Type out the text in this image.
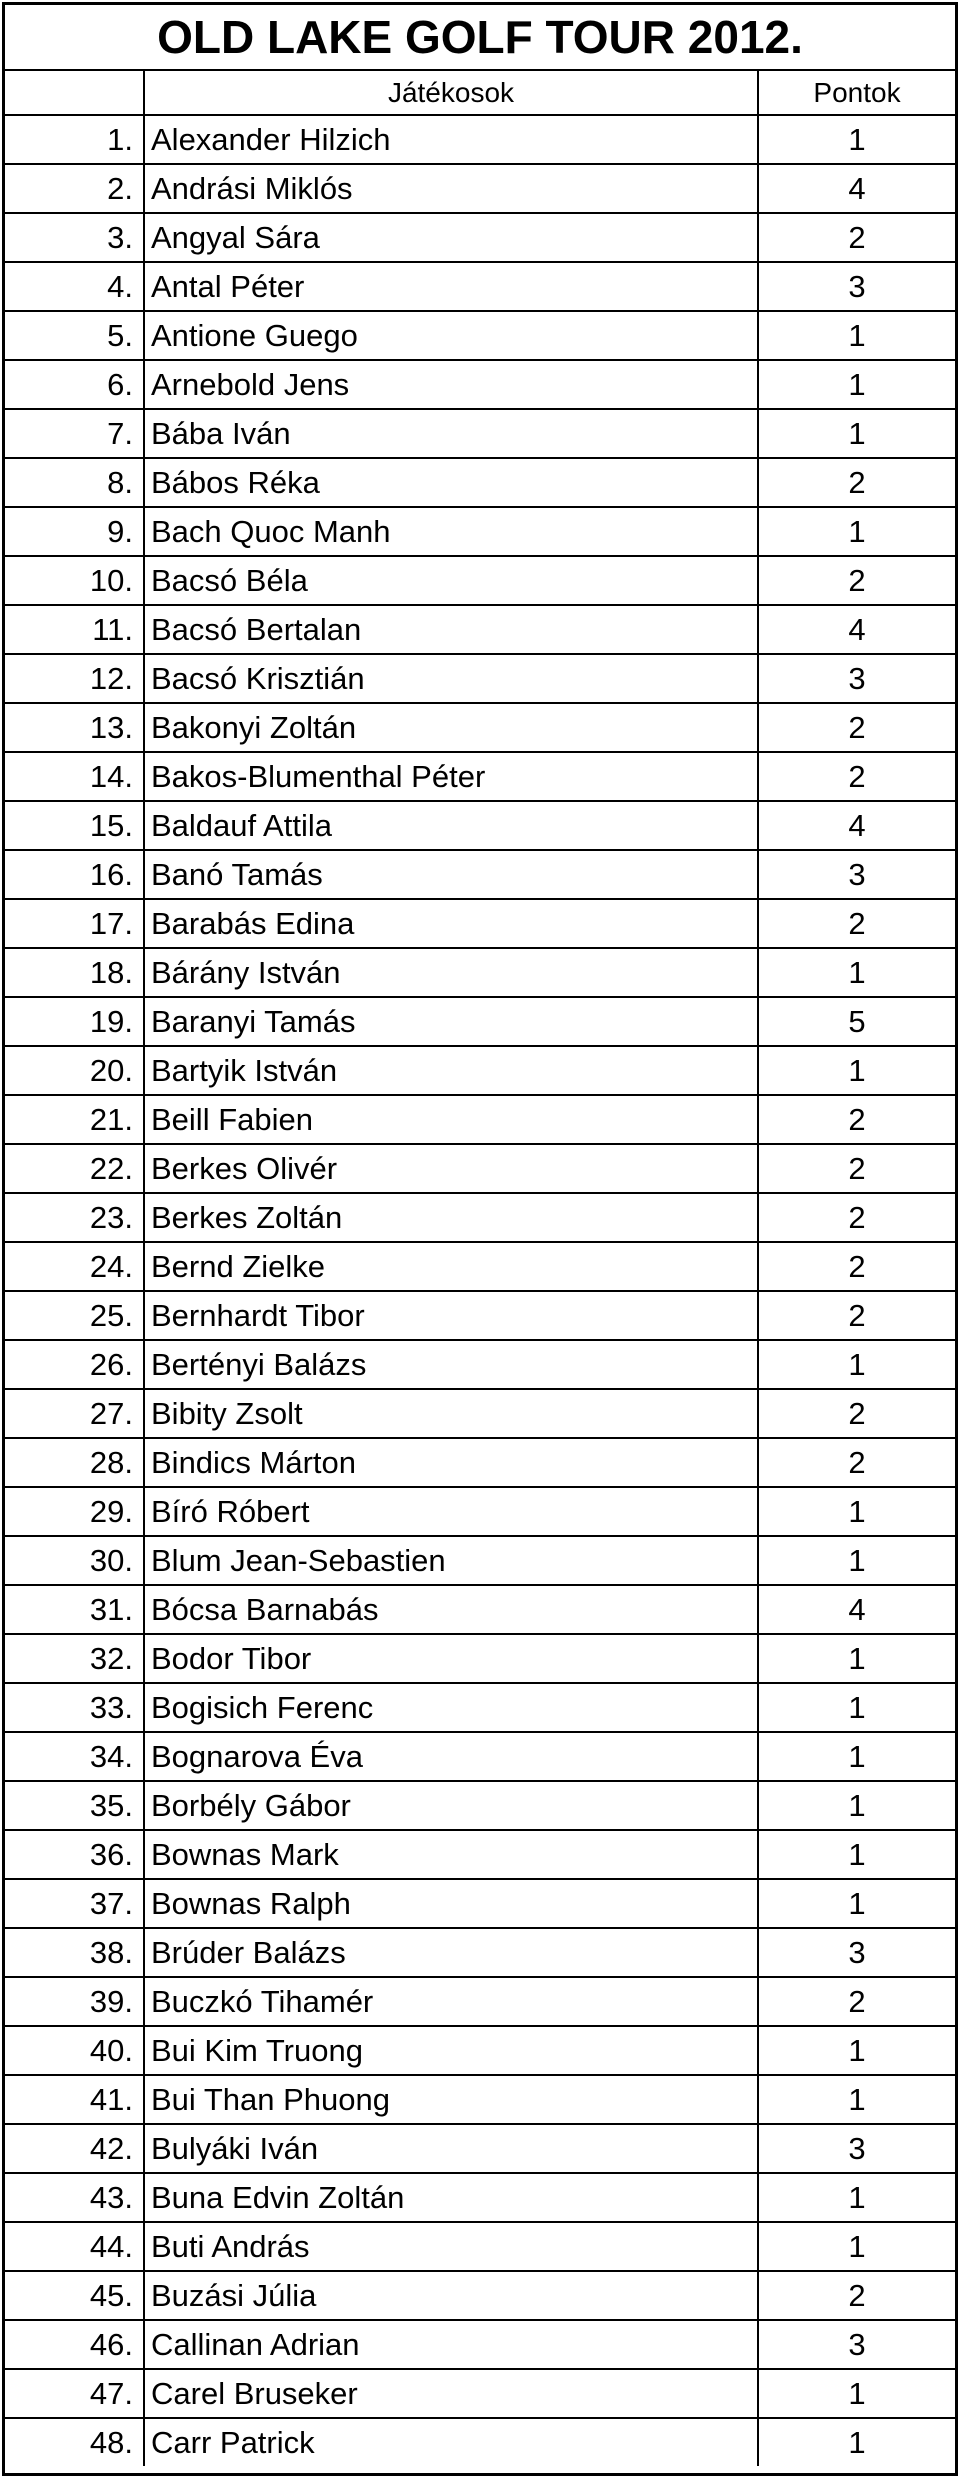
OLD LAKE GOLF TOUR 2012.
Játékosok	Pontok
1. Alexander Hilzich	1
2. Andrási Miklós	4
3. Angyal Sára	2
4. Antal Péter	3
5. Antione Guego	1
6. Arnebold Jens	1
7. Bába Iván	1
8. Bábos Réka	2
9. Bach Quoc Manh	1
10. Bacsó Béla	2
11. Bacsó Bertalan	4
12. Bacsó Krisztián	3
13. Bakonyi Zoltán	2
14. Bakos-Blumenthal Péter	2
15. Baldauf Attila	4
16. Banó Tamás	3
17. Barabás Edina	2
18. Bárány István	1
19. Baranyi Tamás	5
20. Bartyik István	1
21. Beill Fabien	2
22. Berkes Olivér	2
23. Berkes Zoltán	2
24. Bernd Zielke	2
25. Bernhardt Tibor	2
26. Bertényi Balázs	1
27. Bibity Zsolt	2
28. Bindics Márton	2
29. Bíró Róbert	1
30. Blum Jean-Sebastien	1
31. Bócsa Barnabás	4
32. Bodor Tibor	1
33. Bogisich Ferenc	1
34. Bognarova Éva	1
35. Borbély Gábor	1
36. Bownas Mark	1
37. Bownas Ralph	1
38. Brúder Balázs	3
39. Buczkó Tihamér	2
40. Bui Kim Truong	1
41. Bui Than Phuong	1
42. Bulyáki Iván	3
43. Buna Edvin Zoltán	1
44. Buti András	1
45. Buzási Júlia	2
46. Callinan Adrian	3
47. Carel Bruseker	1
48. Carr Patrick	1
